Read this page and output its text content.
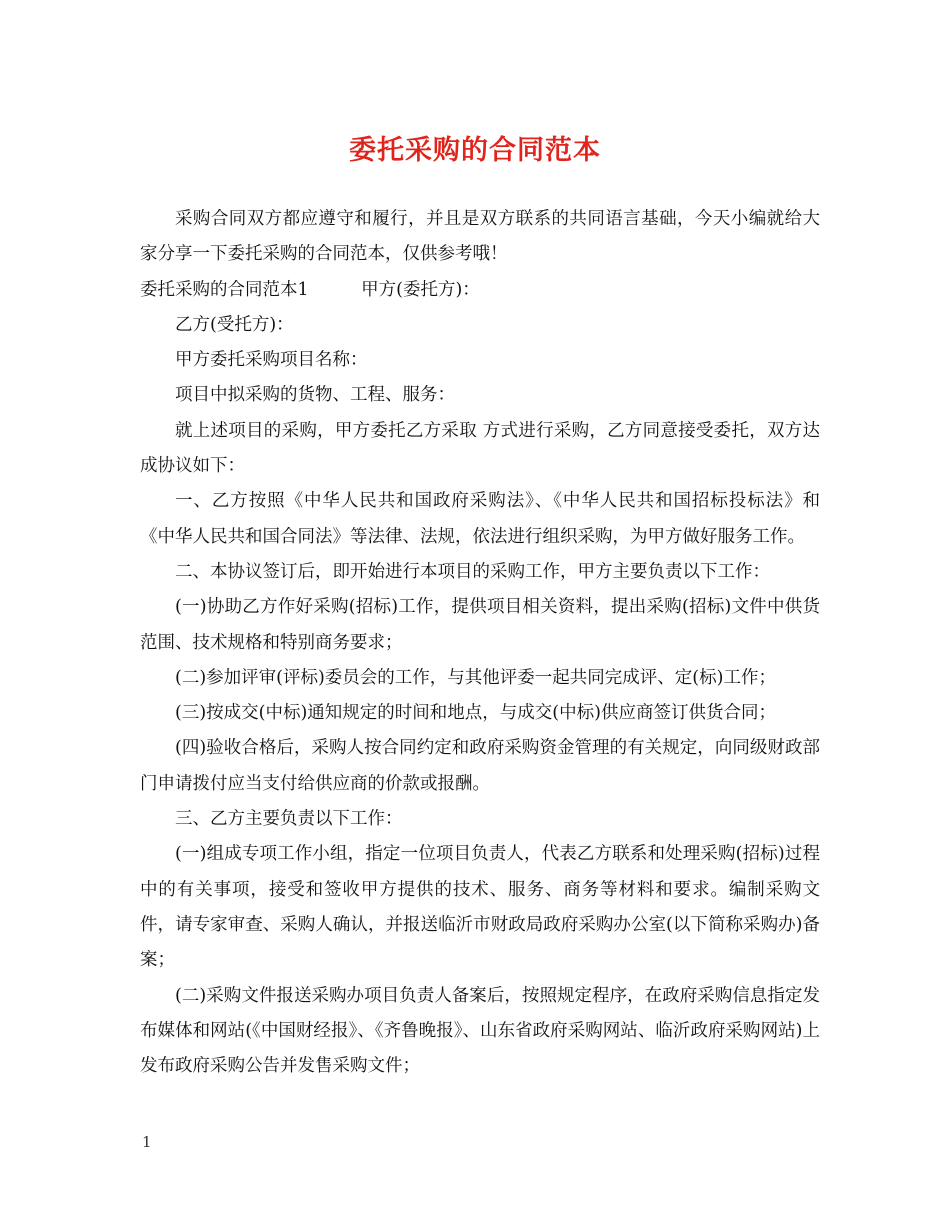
委托采购的合同范本

采购合同双方都应遵守和履行，并且是双方联系的共同语言基础，今天小编就给大家分享一下委托采购的合同范本，仅供参考哦！

委托采购的合同范本1	甲方(委托方)：

乙方(受托方)：

甲方委托采购项目名称：

项目中拟采购的货物、工程、服务：

就上述项目的采购，甲方委托乙方采取 方式进行采购，乙方同意接受委托，双方达成协议如下：

一、乙方按照《中华人民共和国政府采购法》、《中华人民共和国招标投标法》和《中华人民共和国合同法》等法律、法规，依法进行组织采购，为甲方做好服务工作。

二、本协议签订后，即开始进行本项目的采购工作，甲方主要负责以下工作：

(一)协助乙方作好采购(招标)工作，提供项目相关资料，提出采购(招标)文件中供货范围、技术规格和特别商务要求；

(二)参加评审(评标)委员会的工作，与其他评委一起共同完成评、定(标)工作；

(三)按成交(中标)通知规定的时间和地点，与成交(中标)供应商签订供货合同；

(四)验收合格后，采购人按合同约定和政府采购资金管理的有关规定，向同级财政部门申请拨付应当支付给供应商的价款或报酬。

三、乙方主要负责以下工作：

(一)组成专项工作小组，指定一位项目负责人，代表乙方联系和处理采购(招标)过程中的有关事项，接受和签收甲方提供的技术、服务、商务等材料和要求。编制采购文件，请专家审查、采购人确认，并报送临沂市财政局政府采购办公室(以下简称采购办)备案；

(二)采购文件报送采购办项目负责人备案后，按照规定程序，在政府采购信息指定发布媒体和网站(《中国财经报》、《齐鲁晚报》、山东省政府采购网站、临沂政府采购网站)上发布政府采购公告并发售采购文件；

1
